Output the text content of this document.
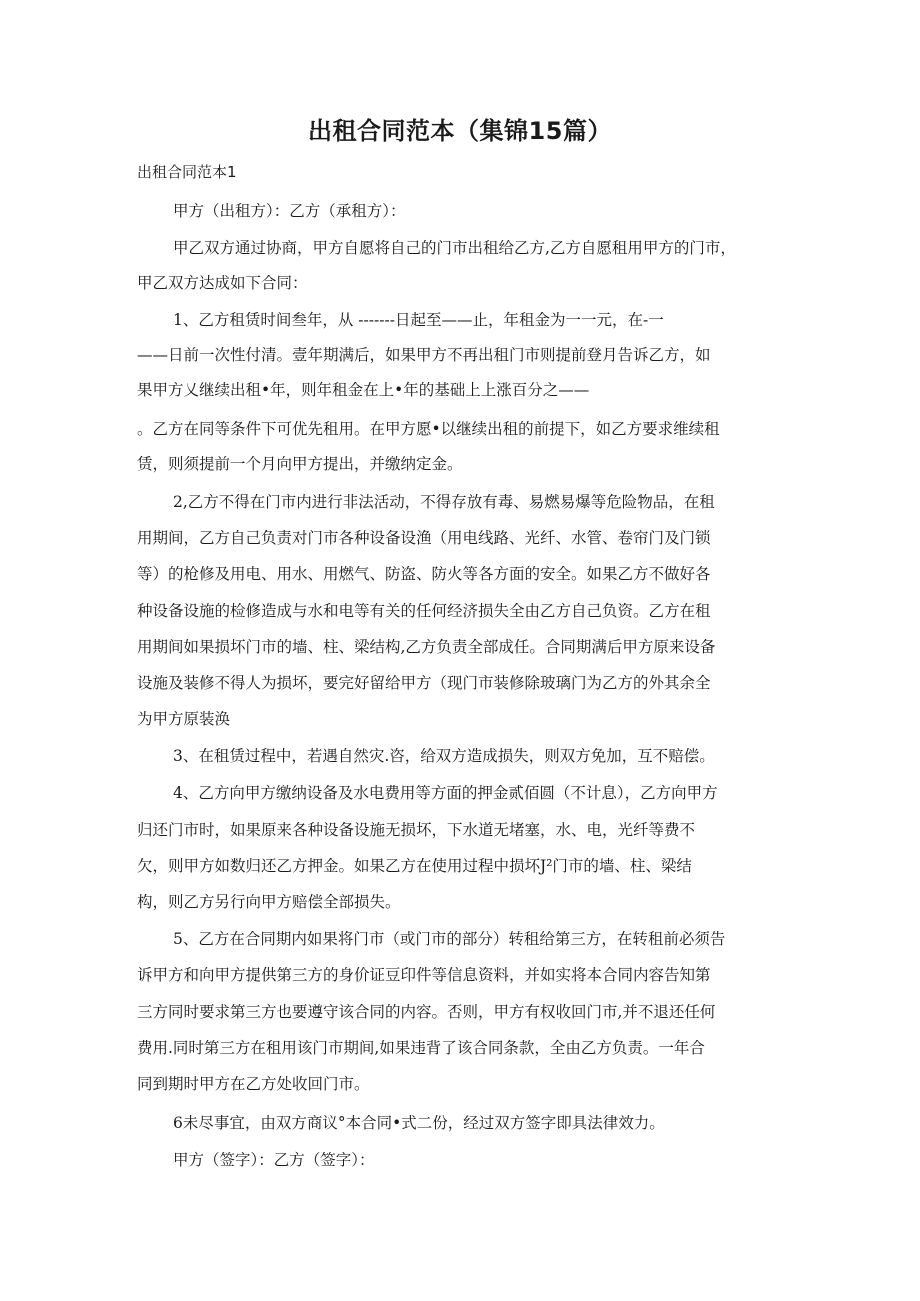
出租合同范本（集锦15篇）
出租合同范本1
甲方（出租方）：乙方（承租方）：
甲乙双方通过协商，甲方自愿将自己的门市出租给乙方,乙方自愿租用甲方的门市，
甲乙双方达成如下合同：
1、乙方租赁时间叁年，从 -------日起至——止，年租金为一一元，在-一
——日前一次性付清。壹年期满后，如果甲方不再出租门市则提前登月告诉乙方，如
果甲方乂继续出租•年，则年租金在上•年的基础上上涨百分之——
。乙方在同等条件下可优先租用。在甲方愿•以继续出租的前提下，如乙方要求维续租
赁，则须提前一个月向甲方提出，并缴纳定金。
2,乙方不得在门市内进行非法活动，不得存放有毒、易燃易爆等危险物品，在租
用期间，乙方自己负责对门市各种设备设渔（用电线路、光纤、水管、卷帘门及门锁
等）的枪修及用电、用水、用燃气、防盗、防火等各方面的安全。如果乙方不做好各
种设备设施的检修造成与水和电等有关的任何经济损失全由乙方自己负资。乙方在租
用期间如果损坏门市的墙、柱、梁结构,乙方负责全部成任。合同期满后甲方原来设备
设施及装修不得人为损坏，要完好留给甲方（现门市装修除玻璃门为乙方的外其余全
为甲方原装涣
3、在租赁过程中，若遇自然灾.咨，给双方造成损失，则双方免加，互不赔偿。
4、乙方向甲方缴纳设备及水电费用等方面的押金贰佰圆（不计息），乙方向甲方
归还门市时，如果原来各种设备设施无损坏，下水道无堵塞，水、电，光纤等费不
欠，则甲方如数归还乙方押金。如果乙方在使用过程中损坏J²门市的墙、柱、梁结
构，则乙方另行向甲方赔偿全部损失。
5、乙方在合同期内如果将门市（或门市的部分）转租给第三方，在转租前必须告
诉甲方和向甲方提供第三方的身价证豆印件等信息资料，并如实将本合同内容告知第
三方同时要求第三方也要遵守该合同的内容。否则，甲方有权收回门市,并不退还任何
费用.同时第三方在租用该门市期间,如果违背了该合同条款，全由乙方负责。一年合
同到期时甲方在乙方处收回门市。
6未尽事宜，由双方商议°本合同•式二份，经过双方签字即具法律效力。
甲方（签字）：乙方（签字）：
